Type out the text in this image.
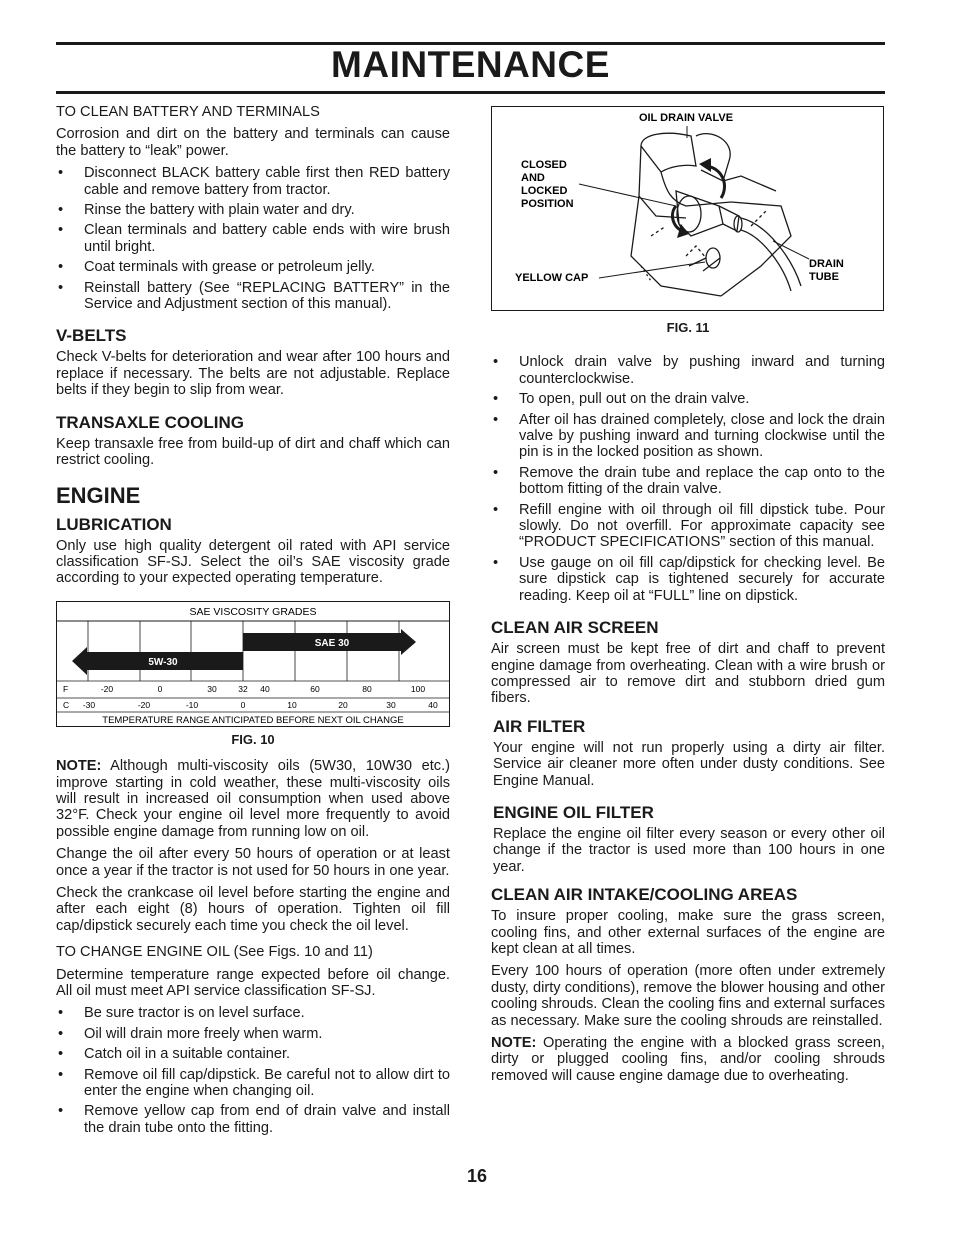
MAINTENANCE
TO CLEAN BATTERY AND TERMINALS

Corrosion and dirt on the battery and terminals can cause the battery to “leak” power.

• Disconnect BLACK battery cable first then RED battery cable and remove battery from tractor.
• Rinse the battery with plain water and dry.
• Clean terminals and battery cable ends with wire brush until bright.
• Coat terminals with grease or petroleum jelly.
• Reinstall battery (See “REPLACING BATTERY” in the Service and Adjustment section of this manual).
V-BELTS

Check V-belts for deterioration and wear after 100 hours and replace if necessary. The belts are not adjustable. Replace belts if they begin to slip from wear.

TRANSAXLE COOLING

Keep transaxle free from build-up of dirt and chaff which can restrict cooling.

ENGINE
LUBRICATION

Only use high quality detergent oil rated with API service classification SF-SJ. Select the oil’s SAE viscosity grade according to your expected operating temperature.

SAE 30
5W-30
SAE VISCOSITY GRADES
TEMPERATURE RANGE ANTICIPATED BEFORE NEXT OIL CHANGE
F
C
-20	0	30	32 40	60	80	100
-30	-20	-10	0	10	20	30	40
FIG. 10

NOTE: Although multi-viscosity oils (5W30, 10W30 etc.) improve starting in cold weather, these multi-viscosity oils will result in increased oil consumption when used above 32°F. Check your engine oil level more frequently to avoid possible engine damage from running low on oil.

Change the oil after every 50 hours of operation or at least once a year if the tractor is not used for 50 hours in one year.

Check the crankcase oil level before starting the engine and after each eight (8) hours of operation. Tighten oil fill cap/dipstick securely each time you check the oil level.

TO CHANGE ENGINE OIL (See Figs. 10 and 11)

Determine temperature range expected before oil change. All oil must meet API service classification SF-SJ.

• Be sure tractor is on level surface.
• Oil will drain more freely when warm.
• Catch oil in a suitable container.
• Remove oil fill cap/dipstick. Be careful not to allow dirt to enter the engine when changing oil.
• Remove yellow cap from end of drain valve and install the drain tube onto the fitting.
OIL DRAIN VALVE
CLOSED
AND
LOCKED
POSITION
YELLOW CAP
DRAIN
TUBE
FIG. 11
• Unlock drain valve by pushing inward and turning counterclockwise.
• To open, pull out on the drain valve.
• After oil has drained completely, close and lock the drain valve by pushing inward and turning clockwise until the pin is in the locked position as shown.
• Remove the drain tube and replace the cap onto to the bottom fitting of the drain valve.
• Refill engine with oil through oil fill dipstick tube. Pour slowly. Do not overfill. For approximate capacity see “PRODUCT SPECIFICATIONS” section of this manual.
• Use gauge on oil fill cap/dipstick for checking level. Be sure dipstick cap is tightened securely for accurate reading. Keep oil at “FULL” line on dipstick.
CLEAN AIR SCREEN

Air screen must be kept free of dirt and chaff to prevent engine damage from overheating. Clean with a wire brush or compressed air to remove dirt and stubborn dried gum fibers.

AIR FILTER

Your engine will not run properly using a dirty air filter. Service air cleaner more often under dusty conditions. See Engine Manual.

ENGINE OIL FILTER

Replace the engine oil filter every season or every other oil change if the tractor is used more than 100 hours in one year.

CLEAN AIR INTAKE/COOLING AREAS

To insure proper cooling, make sure the grass screen, cooling fins, and other external surfaces of the engine are kept clean at all times.

Every 100 hours of operation (more often under extremely dusty, dirty conditions), remove the blower housing and other cooling shrouds. Clean the cooling fins and external surfaces as necessary. Make sure the cooling shrouds are reinstalled.

NOTE: Operating the engine with a blocked grass screen, dirty or plugged cooling fins, and/or cooling shrouds removed will cause engine damage due to overheating.

16
